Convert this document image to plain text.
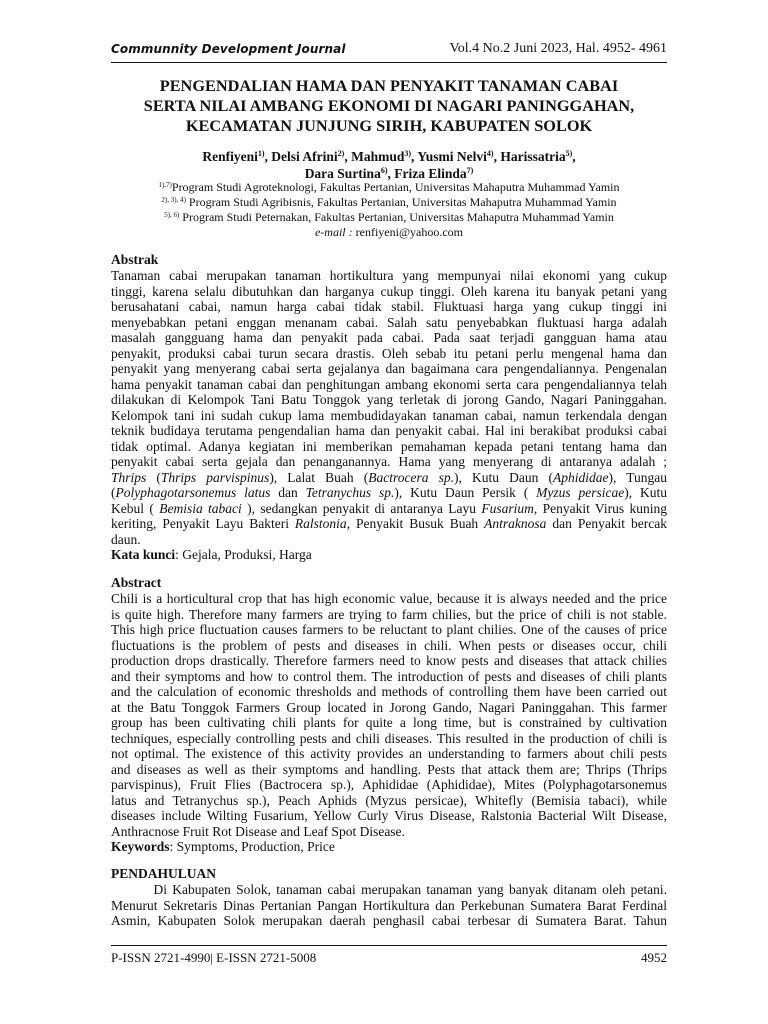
Communnity Development Journal	Vol.4 No.2 Juni 2023, Hal. 4952- 4961
PENGENDALIAN HAMA DAN PENYAKIT TANAMAN CABAI
SERTA NILAI AMBANG EKONOMI DI NAGARI PANINGGAHAN,
KECAMATAN JUNJUNG SIRIH, KABUPATEN SOLOK
Renfiyeni$^{1)}$, Delsi Afrini$^{2)}$, Mahmud$^{3)}$, Yusmi Nelvi$^{4)}$, Harissatria$^{5)}$,
Dara Surtina$^{6)}$, Friza Elinda$^{7)}$
$^{1),7)}$Program Studi Agroteknologi, Fakultas Pertanian, Universitas Mahaputra Muhammad Yamin
$^{2), 3), 4)}$ Program Studi Agribisnis, Fakultas Pertanian, Universitas Mahaputra Muhammad Yamin
$^{5), 6)}$ Program Studi Peternakan, Fakultas Pertanian, Universitas Mahaputra Muhammad Yamin
e-mail : renfiyeni@yahoo.com
Abstrak

Tanaman cabai merupakan tanaman hortikultura yang mempunyai nilai ekonomi yang cukup

tinggi, karena selalu dibutuhkan dan harganya cukup tinggi. Oleh karena itu banyak petani yang

berusahatani cabai, namun harga cabai tidak stabil. Fluktuasi harga yang cukup tinggi ini

menyebabkan petani enggan menanam cabai. Salah satu penyebabkan fluktuasi harga adalah

masalah gangguang hama dan penyakit pada cabai. Pada saat terjadi gangguan hama atau

penyakit, produksi cabai turun secara drastis. Oleh sebab itu petani perlu mengenal hama dan

penyakit yang menyerang cabai serta gejalanya dan bagaimana cara pengendaliannya. Pengenalan

hama penyakit tanaman cabai dan penghitungan ambang ekonomi serta cara pengendaliannya telah

dilakukan di Kelompok Tani Batu Tonggok yang terletak di jorong Gando, Nagari Paninggahan.

Kelompok tani ini sudah cukup lama membudidayakan tanaman cabai, namun terkendala dengan

teknik budidaya terutama pengendalian hama dan penyakit cabai. Hal ini berakibat produksi cabai

tidak optimal. Adanya kegiatan ini memberikan pemahaman kepada petani tentang hama dan

penyakit cabai serta gejala dan penanganannya. Hama yang menyerang di antaranya adalah ;

Thrips (Thrips parvispinus), Lalat Buah (Bactrocera sp.), Kutu Daun (Aphididae), Tungau

(Polyphagotarsonemus latus dan Tetranychus sp.), Kutu Daun Persik ( Myzus persicae), Kutu

Kebul ( Bemisia tabaci ), sedangkan penyakit di antaranya Layu Fusarium, Penyakit Virus kuning

keriting, Penyakit Layu Bakteri Ralstonia, Penyakit Busuk Buah Antraknosa dan Penyakit bercak

daun.

Kata kunci: Gejala, Produksi, Harga

Abstract

Chili is a horticultural crop that has high economic value, because it is always needed and the price

is quite high. Therefore many farmers are trying to farm chilies, but the price of chili is not stable.

This high price fluctuation causes farmers to be reluctant to plant chilies. One of the causes of price

fluctuations is the problem of pests and diseases in chili. When pests or diseases occur, chili

production drops drastically. Therefore farmers need to know pests and diseases that attack chilies

and their symptoms and how to control them. The introduction of pests and diseases of chili plants

and the calculation of economic thresholds and methods of controlling them have been carried out

at the Batu Tonggok Farmers Group located in Jorong Gando, Nagari Paninggahan. This farmer

group has been cultivating chili plants for quite a long time, but is constrained by cultivation

techniques, especially controlling pests and chili diseases. This resulted in the production of chili is

not optimal. The existence of this activity provides an understanding to farmers about chili pests

and diseases as well as their symptoms and handling. Pests that attack them are; Thrips (Thrips

parvispinus), Fruit Flies (Bactrocera sp.), Aphididae (Aphididae), Mites (Polyphagotarsonemus

latus and Tetranychus sp.), Peach Aphids (Myzus persicae), Whitefly (Bemisia tabaci), while

diseases include Wilting Fusarium, Yellow Curly Virus Disease, Ralstonia Bacterial Wilt Disease,

Anthracnose Fruit Rot Disease and Leaf Spot Disease.

Keywords: Symptoms, Production, Price

PENDAHULUAN

Di Kabupaten Solok, tanaman cabai merupakan tanaman yang banyak ditanam oleh petani.

Menurut Sekretaris Dinas Pertanian Pangan Hortikultura dan Perkebunan Sumatera Barat Ferdinal

Asmin, Kabupaten Solok merupakan daerah penghasil cabai terbesar di Sumatera Barat. Tahun

P-ISSN 2721-4990| E-ISSN 2721-5008	4952
